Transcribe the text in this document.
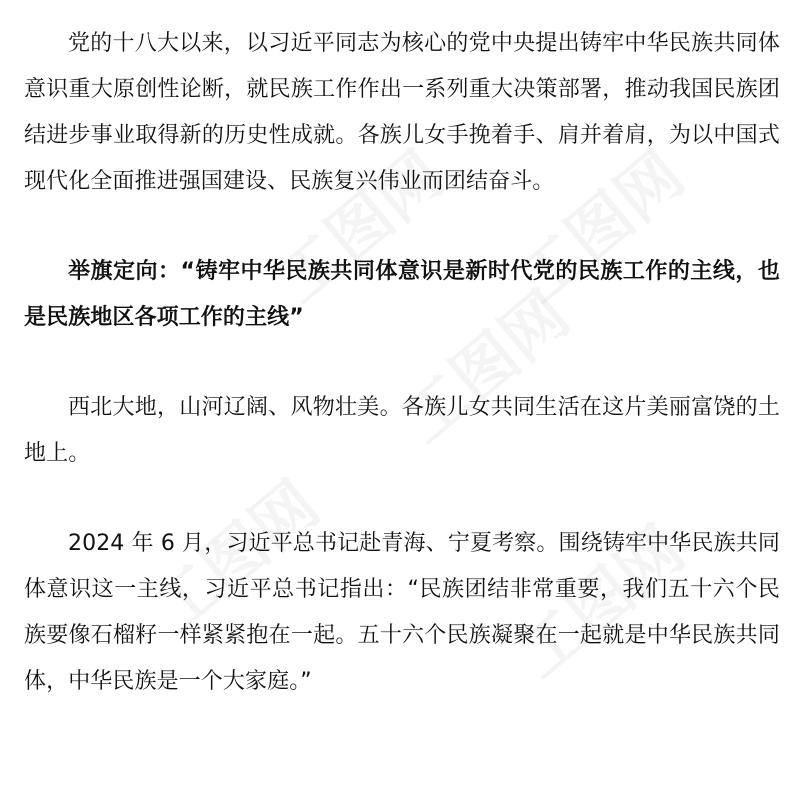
党的十八大以来，以习近平同志为核心的党中央提出铸牢中华民族共同体意识重大原创性论断，就民族工作作出一系列重大决策部署，推动我国民族团结进步事业取得新的历史性成就。各族儿女手挽着手、肩并着肩，为以中国式现代化全面推进强国建设、民族复兴伟业而团结奋斗。

举旗定向：“铸牢中华民族共同体意识是新时代党的民族工作的主线，也是民族地区各项工作的主线”

西北大地，山河辽阔、风物壮美。各族儿女共同生活在这片美丽富饶的土地上。

2024 年 6 月，习近平总书记赴青海、宁夏考察。围绕铸牢中华民族共同体意识这一主线，习近平总书记指出：“民族团结非常重要，我们五十六个民族要像石榴籽一样紧紧抱在一起。五十六个民族凝聚在一起就是中华民族共同体，中华民族是一个大家庭。”
